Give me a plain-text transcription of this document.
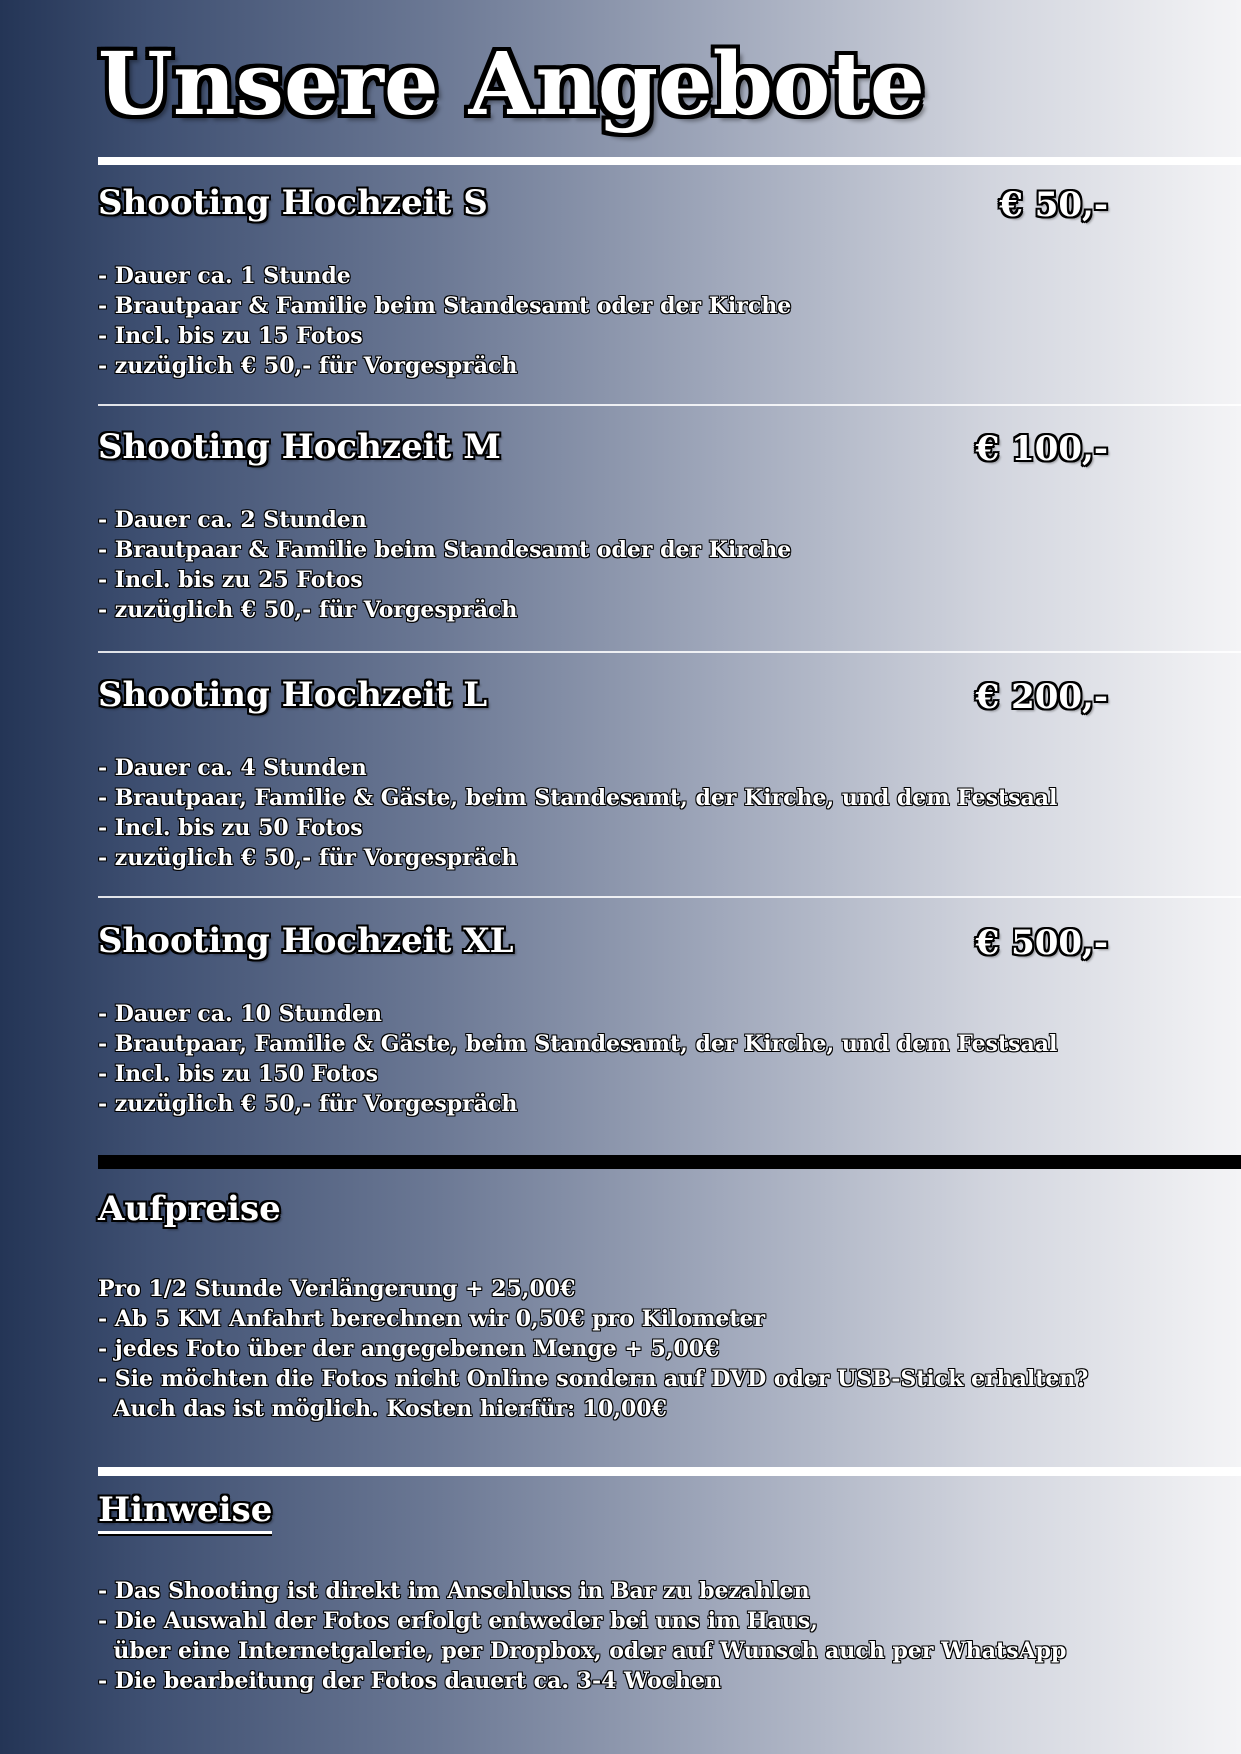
Unsere Angebote
Shooting Hochzeit S	€ 50,-
- Dauer ca. 1 Stunde
- Brautpaar & Familie beim Standesamt oder der Kirche
- Incl. bis zu 15 Fotos
- zuzüglich € 50,- für Vorgespräch
Shooting Hochzeit M	€ 100,-
- Dauer ca. 2 Stunden
- Brautpaar & Familie beim Standesamt oder der Kirche
- Incl. bis zu 25 Fotos
- zuzüglich € 50,- für Vorgespräch
Shooting Hochzeit L	€ 200,-
- Dauer ca. 4 Stunden
- Brautpaar, Familie & Gäste, beim Standesamt, der Kirche, und dem Festsaal
- Incl. bis zu 50 Fotos
- zuzüglich € 50,- für Vorgespräch
Shooting Hochzeit XL	€ 500,-
- Dauer ca. 10 Stunden
- Brautpaar, Familie & Gäste, beim Standesamt, der Kirche, und dem Festsaal
- Incl. bis zu 150 Fotos
- zuzüglich € 50,- für Vorgespräch
Aufpreise
Pro 1/2 Stunde Verlängerung + 25,00€
- Ab 5 KM Anfahrt berechnen wir 0,50€ pro Kilometer
- jedes Foto über der angegebenen Menge + 5,00€
- Sie möchten die Fotos nicht Online sondern auf DVD oder USB-Stick erhalten?
Auch das ist möglich. Kosten hierfür: 10,00€
Hinweise
- Das Shooting ist direkt im Anschluss in Bar zu bezahlen
- Die Auswahl der Fotos erfolgt entweder bei uns im Haus,
über eine Internetgalerie, per Dropbox, oder auf Wunsch auch per WhatsApp
- Die bearbeitung der Fotos dauert ca. 3-4 Wochen
